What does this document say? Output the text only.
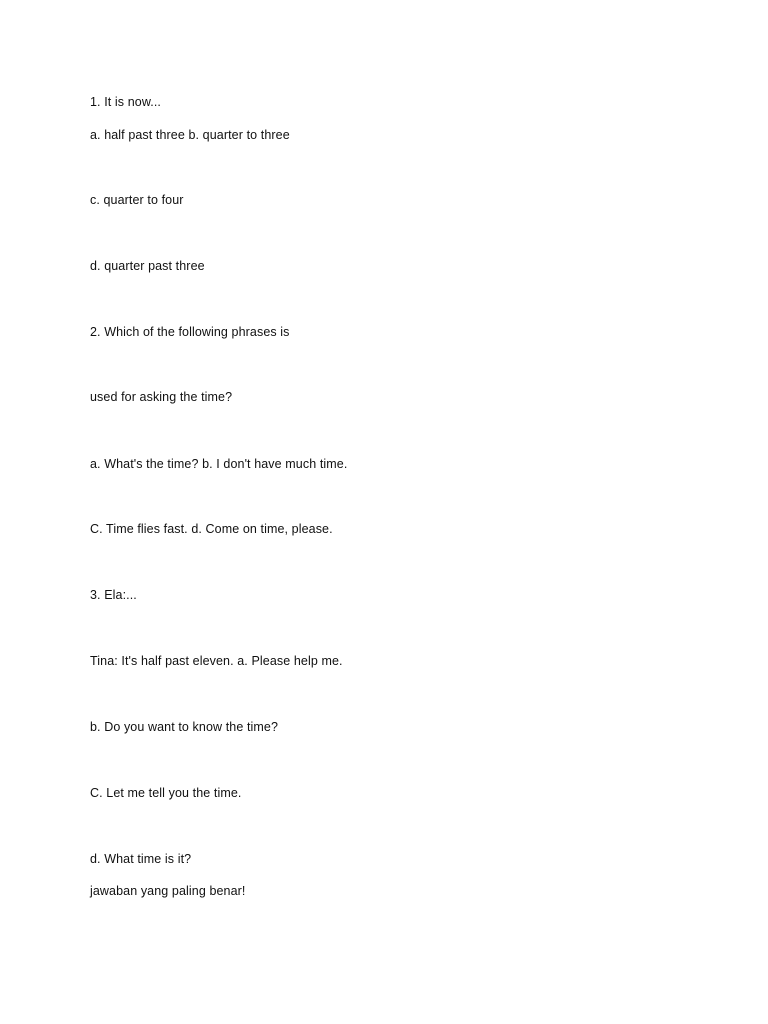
1. It is now...
a. half past three b. quarter to three
c. quarter to four
d. quarter past three
2. Which of the following phrases is
used for asking the time?
a. What's the time? b. I don't have much time.
C. Time flies fast. d. Come on time, please.
3. Ela:...
Tina: It's half past eleven. a. Please help me.
b. Do you want to know the time?
C. Let me tell you the time.
d. What time is it?
jawaban yang paling benar!
